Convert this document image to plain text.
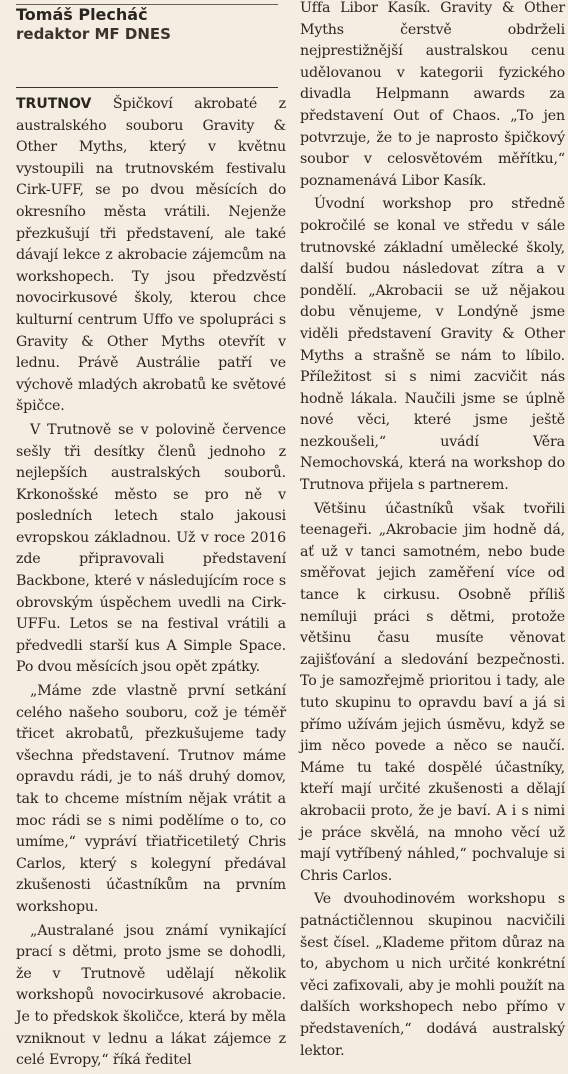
Tomáš Plecháč
redaktor MF DNES

TRUTNOV Špičkoví akrobaté z australského souboru Gravity & Other Myths, který v květnu vystoupili na trutnovském festivalu Cirk-UFF, se po dvou měsících do okresního města vrátili. Nejenže přezkušují tři představení, ale také dávají lekce z akrobacie zájemcům na workshopech. Ty jsou předzvěstí novocirkusové školy, kterou chce kulturní centrum Uffo ve spolupráci s Gravity & Other Myths otevřít v lednu. Právě Austrálie patří ve výchově mladých akrobatů ke světové špičce.

V Trutnově se v polovině července sešly tři desítky členů jednoho z nejlepších australských souborů. Krkonošské město se pro ně v posledních letech stalo jakousi evropskou základnou. Už v roce 2016 zde připravovali představení Backbone, které v následujícím roce s obrovským úspěchem uvedli na Cirk-UFFu. Letos se na festival vrátili a předvedli starší kus A Simple Space. Po dvou měsících jsou opět zpátky.

„Máme zde vlastně první setkání celého našeho souboru, což je téměř třicet akrobatů, přezkušujeme tady všechna představení. Trutnov máme opravdu rádi, je to náš druhý domov, tak to chceme místním nějak vrátit a moc rádi se s nimi podělíme o to, co umíme,“ vypráví třiatřicetiletý Chris Carlos, který s kolegyní předával zkušenosti účastníkům na prvním workshopu.

„Australané jsou známí vynikající prací s dětmi, proto jsme se dohodli, že v Trutnově udělají několik workshopů novocirkusové akrobacie. Je to předskok školičce, která by měla vzniknout v lednu a lákat zájemce z celé Evropy,“ říká ředitel

Uffa Libor Kasík. Gravity & Other Myths čerstvě obdrželi nejprestižnější australskou cenu udělovanou v kategorii fyzického divadla Helpmann awards za představení Out of Chaos. „To jen potvrzuje, že to je naprosto špičkový soubor v celosvětovém měřítku,“ poznamenává Libor Kasík.

Úvodní workshop pro středně pokročilé se konal ve středu v sále trutnovské základní umělecké školy, další budou následovat zítra a v pondělí. „Akrobacii se už nějakou dobu věnujeme, v Londýně jsme viděli představení Gravity & Other Myths a strašně se nám to líbilo. Příležitost si s nimi zacvičit nás hodně lákala. Naučili jsme se úplně nové věci, které jsme ještě nezkoušeli,“ uvádí Věra Nemochovská, která na workshop do Trutnova přijela s partnerem.

Většinu účastníků však tvořili teenageři. „Akrobacie jim hodně dá, ať už v tanci samotném, nebo bude směřovat jejich zaměření více od tance k cirkusu. Osobně příliš nemíluji práci s dětmi, protože většinu času musíte věnovat zajišťování a sledování bezpečnosti. To je samozřejmě prioritou i tady, ale tuto skupinu to opravdu baví a já si přímo užívám jejich úsměvu, když se jim něco povede a něco se naučí. Máme tu také dospělé účastníky, kteří mají určité zkušenosti a dělají akrobacii proto, že je baví. A i s nimi je práce skvělá, na mnoho věcí už mají vytříbený náhled,“ pochvaluje si Chris Carlos.

Ve dvouhodinovém workshopu s patnáctičlennou skupinou nacvičili šest čísel. „Klademe přitom důraz na to, abychom u nich určité konkrétní věci zafixovali, aby je mohli použít na dalších workshopech nebo přímo v představeních,“ dodává australský lektor.
